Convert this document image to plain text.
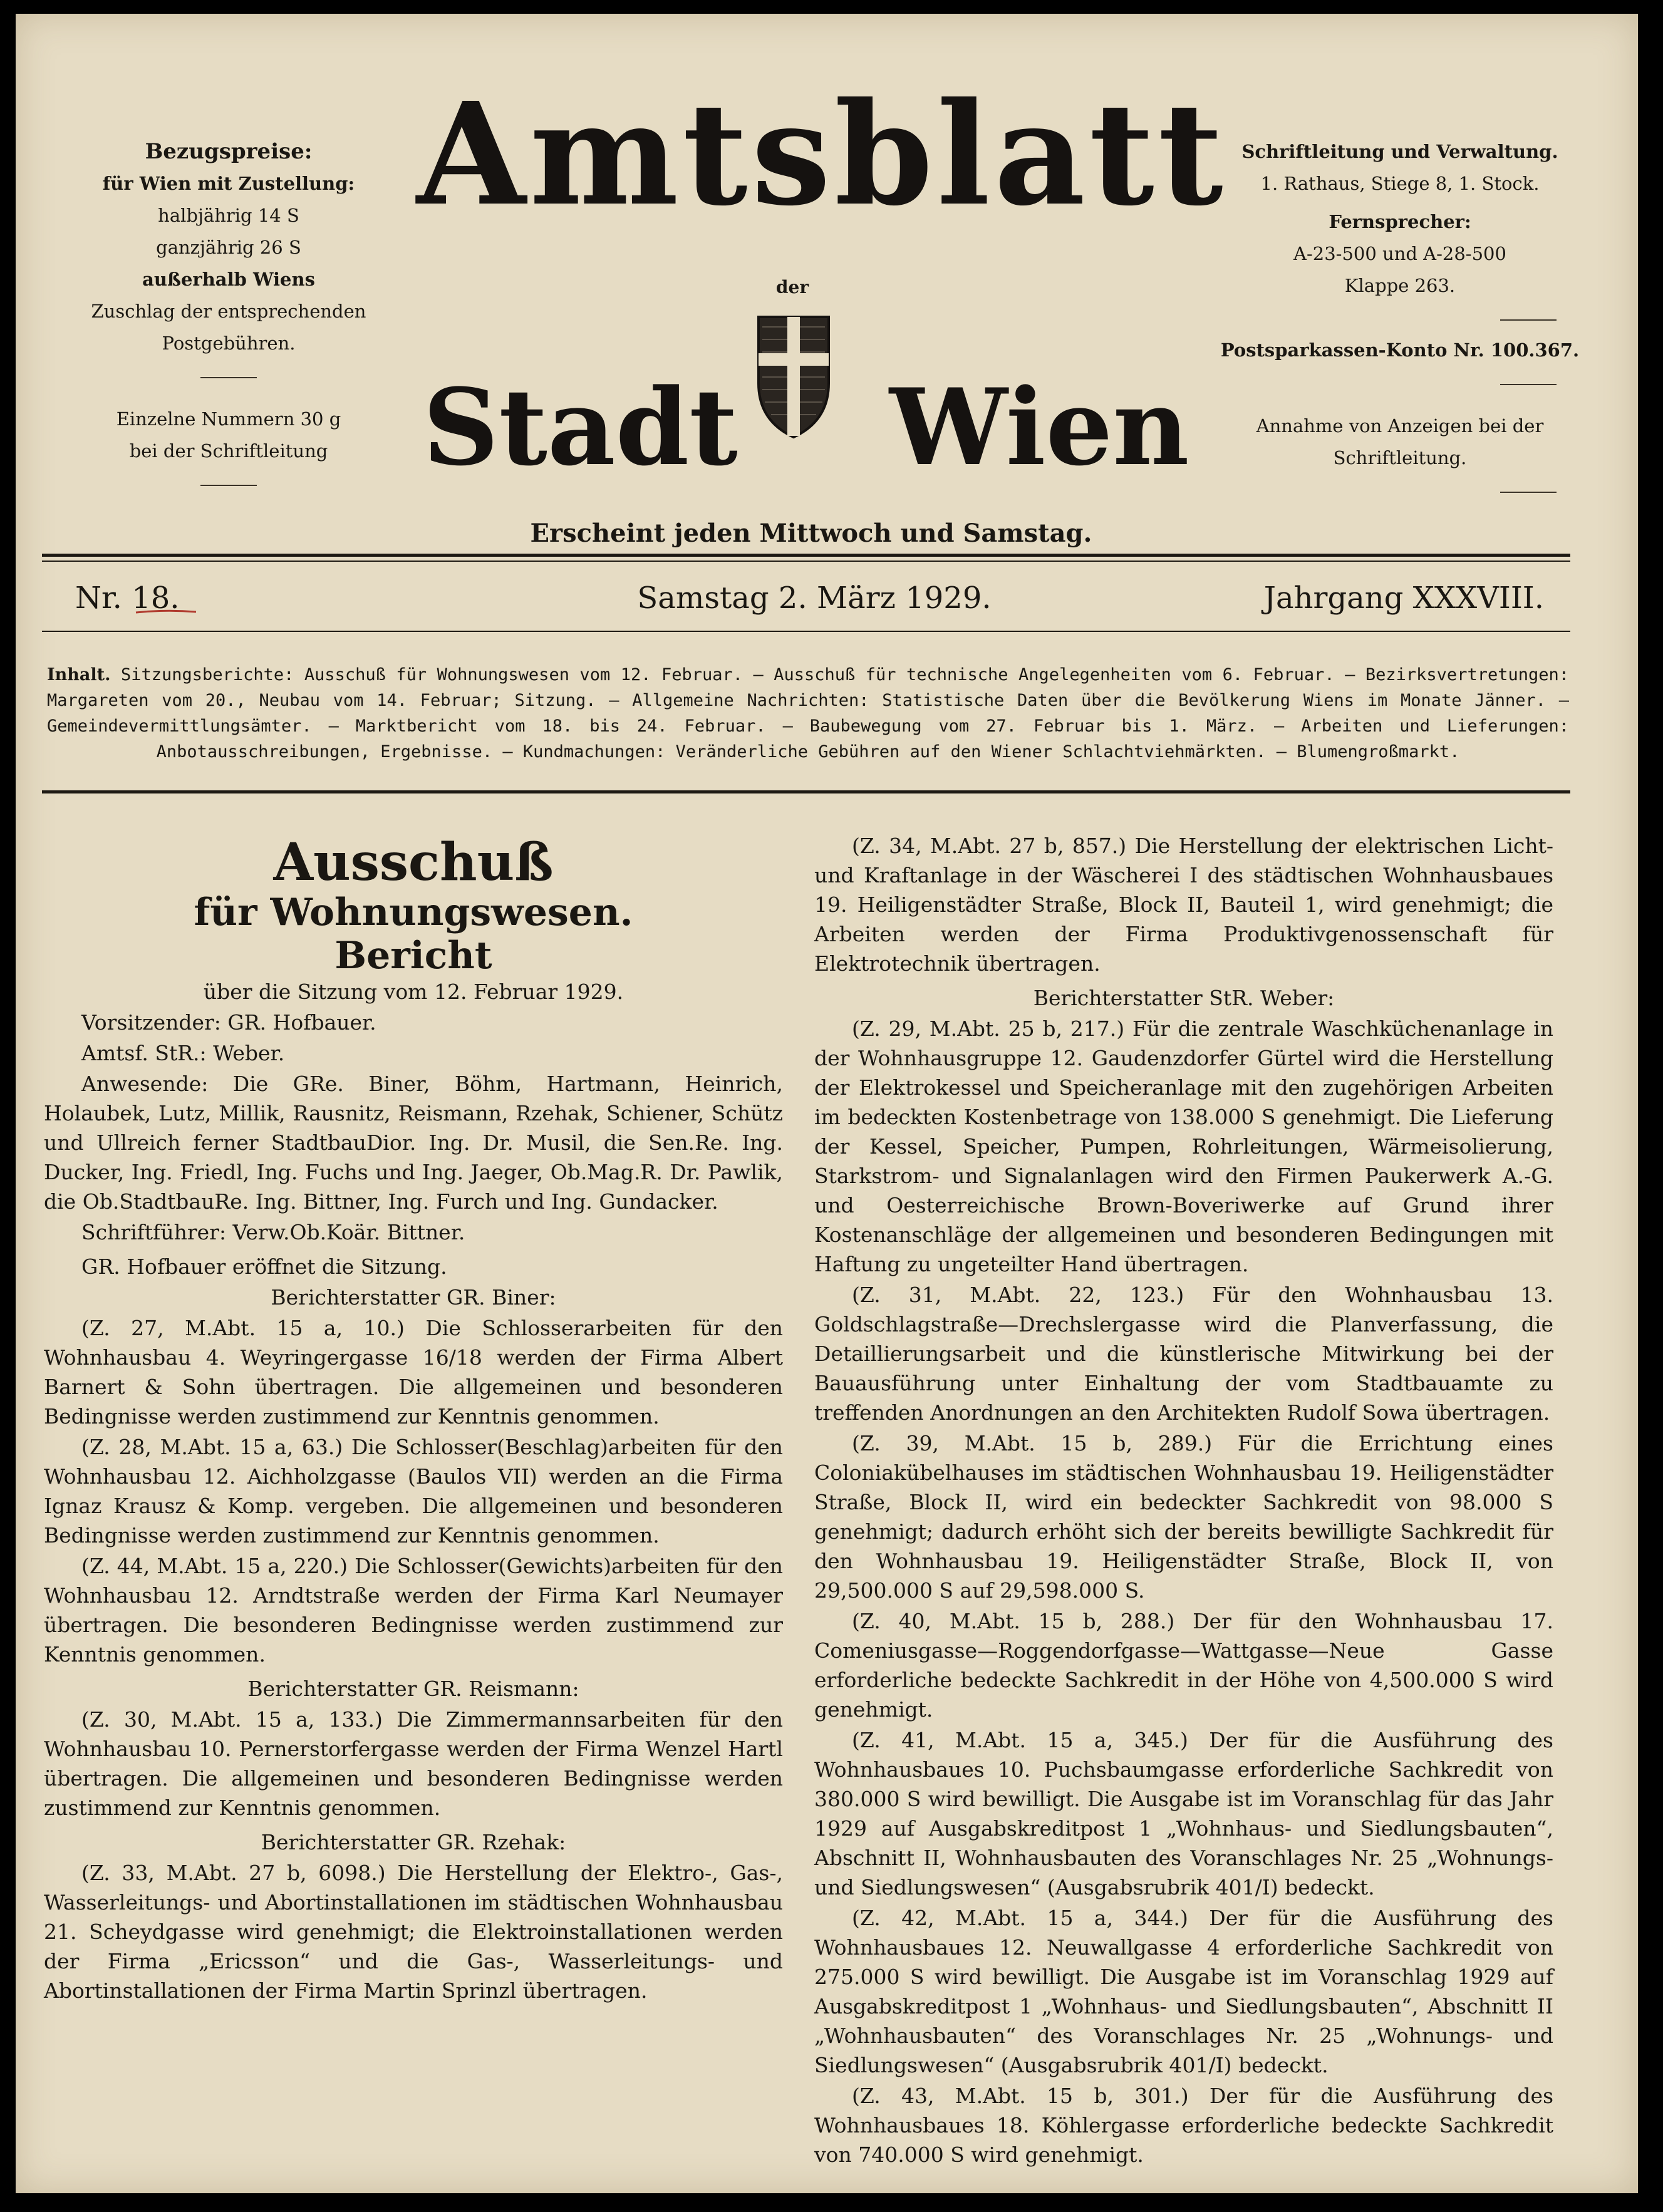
Bezugspreise:
für Wien mit Zustellung:
halbjährig 14 S
ganzjährig 26 S
außerhalb Wiens
Zuschlag der entsprechenden
Postgebühren.
Einzelne Nummern 30 g
bei der Schriftleitung
Amtsblatt
der
Stadt Wien
Erscheint jeden Mittwoch und Samstag.
Schriftleitung und Verwaltung.
1. Rathaus, Stiege 8, 1. Stock.
Fernsprecher:
A-23-500 und A-28-500
Klappe 263.
Postsparkassen-Konto Nr. 100.367.
Annahme von Anzeigen bei der
Schriftleitung.
Nr. 18.	Samstag 2. März 1929.	Jahrgang XXXVIII.
Inhalt. Sitzungsberichte: Ausschuß für Wohnungswesen vom 12. Februar. — Ausschuß für technische Angelegenheiten vom 6. Februar. — Bezirksvertretungen: Margareten vom 20., Neubau vom 14. Februar; Sitzung. — Allgemeine Nachrichten: Statistische Daten über die Bevölkerung Wiens im Monate Jänner. — Gemeindevermittlungsämter. — Marktbericht vom 18. bis 24. Februar. — Baubewegung vom 27. Februar bis 1. März. — Arbeiten und Lieferungen: Anbotausschreibungen, Ergebnisse. — Kundmachungen: Veränderliche Gebühren auf den Wiener Schlachtviehmärkten. — Blumengroßmarkt.
Ausschuß
für Wohnungswesen.
Bericht

über die Sitzung vom 12. Februar 1929.

Vorsitzender: GR. Hofbauer.

Amtsf. StR.: Weber.

Anwesende: Die GRe. Biner, Böhm, Hartmann, Heinrich, Holaubek, Lutz, Millik, Rausnitz, Reismann, Rzehak, Schiener, Schütz und Ullreich ferner StadtbauDior. Ing. Dr. Musil, die Sen.Re. Ing. Ducker, Ing. Friedl, Ing. Fuchs und Ing. Jaeger, Ob.Mag.R. Dr. Pawlik, die Ob.StadtbauRe. Ing. Bittner, Ing. Furch und Ing. Gundacker.

Schriftführer: Verw.Ob.Koär. Bittner.

GR. Hofbauer eröffnet die Sitzung.

Berichterstatter GR. Biner:

(Z. 27, M.Abt. 15 a, 10.) Die Schlosserarbeiten für den Wohnhausbau 4. Weyringergasse 16/18 werden der Firma Albert Barnert & Sohn übertragen. Die allgemeinen und besonderen Bedingnisse werden zustimmend zur Kenntnis genommen.

(Z. 28, M.Abt. 15 a, 63.) Die Schlosser(Beschlag)arbeiten für den Wohnhausbau 12. Aichholzgasse (Baulos VII) werden an die Firma Ignaz Krausz & Komp. vergeben. Die allgemeinen und besonderen Bedingnisse werden zustimmend zur Kenntnis genommen.

(Z. 44, M.Abt. 15 a, 220.) Die Schlosser(Gewichts)arbeiten für den Wohnhausbau 12. Arndtstraße werden der Firma Karl Neumayer übertragen. Die besonderen Bedingnisse werden zustimmend zur Kenntnis genommen.

Berichterstatter GR. Reismann:

(Z. 30, M.Abt. 15 a, 133.) Die Zimmermannsarbeiten für den Wohnhausbau 10. Pernerstorfergasse werden der Firma Wenzel Hartl übertragen. Die allgemeinen und besonderen Bedingnisse werden zustimmend zur Kenntnis genommen.

Berichterstatter GR. Rzehak:

(Z. 33, M.Abt. 27 b, 6098.) Die Herstellung der Elektro-, Gas-, Wasserleitungs- und Abortinstallationen im städtischen Wohnhausbau 21. Scheydgasse wird genehmigt; die Elektroinstallationen werden der Firma „Ericsson“ und die Gas-, Wasserleitungs- und Abortinstallationen der Firma Martin Sprinzl übertragen.

(Z. 34, M.Abt. 27 b, 857.) Die Herstellung der elektrischen Licht- und Kraftanlage in der Wäscherei I des städtischen Wohnhausbaues 19. Heiligenstädter Straße, Block II, Bauteil 1, wird genehmigt; die Arbeiten werden der Firma Produktivgenossenschaft für Elektrotechnik übertragen.

Berichterstatter StR. Weber:

(Z. 29, M.Abt. 25 b, 217.) Für die zentrale Waschküchenanlage in der Wohnhausgruppe 12. Gaudenzdorfer Gürtel wird die Herstellung der Elektrokessel und Speicheranlage mit den zugehörigen Arbeiten im bedeckten Kostenbetrage von 138.000 S genehmigt. Die Lieferung der Kessel, Speicher, Pumpen, Rohrleitungen, Wärmeisolierung, Starkstrom- und Signalanlagen wird den Firmen Paukerwerk A.-G. und Oesterreichische Brown-Boveriwerke auf Grund ihrer Kostenanschläge der allgemeinen und besonderen Bedingungen mit Haftung zu ungeteilter Hand übertragen.

(Z. 31, M.Abt. 22, 123.) Für den Wohnhausbau 13. Goldschlagstraße—Drechslergasse wird die Planverfassung, die Detaillierungsarbeit und die künstlerische Mitwirkung bei der Bauausführung unter Einhaltung der vom Stadtbauamte zu treffenden Anordnungen an den Architekten Rudolf Sowa übertragen.

(Z. 39, M.Abt. 15 b, 289.) Für die Errichtung eines Coloniakübelhauses im städtischen Wohnhausbau 19. Heiligenstädter Straße, Block II, wird ein bedeckter Sachkredit von 98.000 S genehmigt; dadurch erhöht sich der bereits bewilligte Sachkredit für den Wohnhausbau 19. Heiligenstädter Straße, Block II, von 29,500.000 S auf 29,598.000 S.

(Z. 40, M.Abt. 15 b, 288.) Der für den Wohnhausbau 17. Comeniusgasse—Roggendorfgasse—Wattgasse—Neue Gasse erforderliche bedeckte Sachkredit in der Höhe von 4,500.000 S wird genehmigt.

(Z. 41, M.Abt. 15 a, 345.) Der für die Ausführung des Wohnhausbaues 10. Puchsbaumgasse erforderliche Sachkredit von 380.000 S wird bewilligt. Die Ausgabe ist im Voranschlag für das Jahr 1929 auf Ausgabskreditpost 1 „Wohnhaus- und Siedlungsbauten“, Abschnitt II, Wohnhausbauten des Voranschlages Nr. 25 „Wohnungs- und Siedlungswesen“ (Ausgabsrubrik 401/I) bedeckt.

(Z. 42, M.Abt. 15 a, 344.) Der für die Ausführung des Wohnhausbaues 12. Neuwallgasse 4 erforderliche Sachkredit von 275.000 S wird bewilligt. Die Ausgabe ist im Voranschlag 1929 auf Ausgabskreditpost 1 „Wohnhaus- und Siedlungsbauten“, Abschnitt II „Wohnhausbauten“ des Voranschlages Nr. 25 „Wohnungs- und Siedlungswesen“ (Ausgabsrubrik 401/I) bedeckt.

(Z. 43, M.Abt. 15 b, 301.) Der für die Ausführung des Wohnhausbaues 18. Köhlergasse erforderliche bedeckte Sachkredit von 740.000 S wird genehmigt.
